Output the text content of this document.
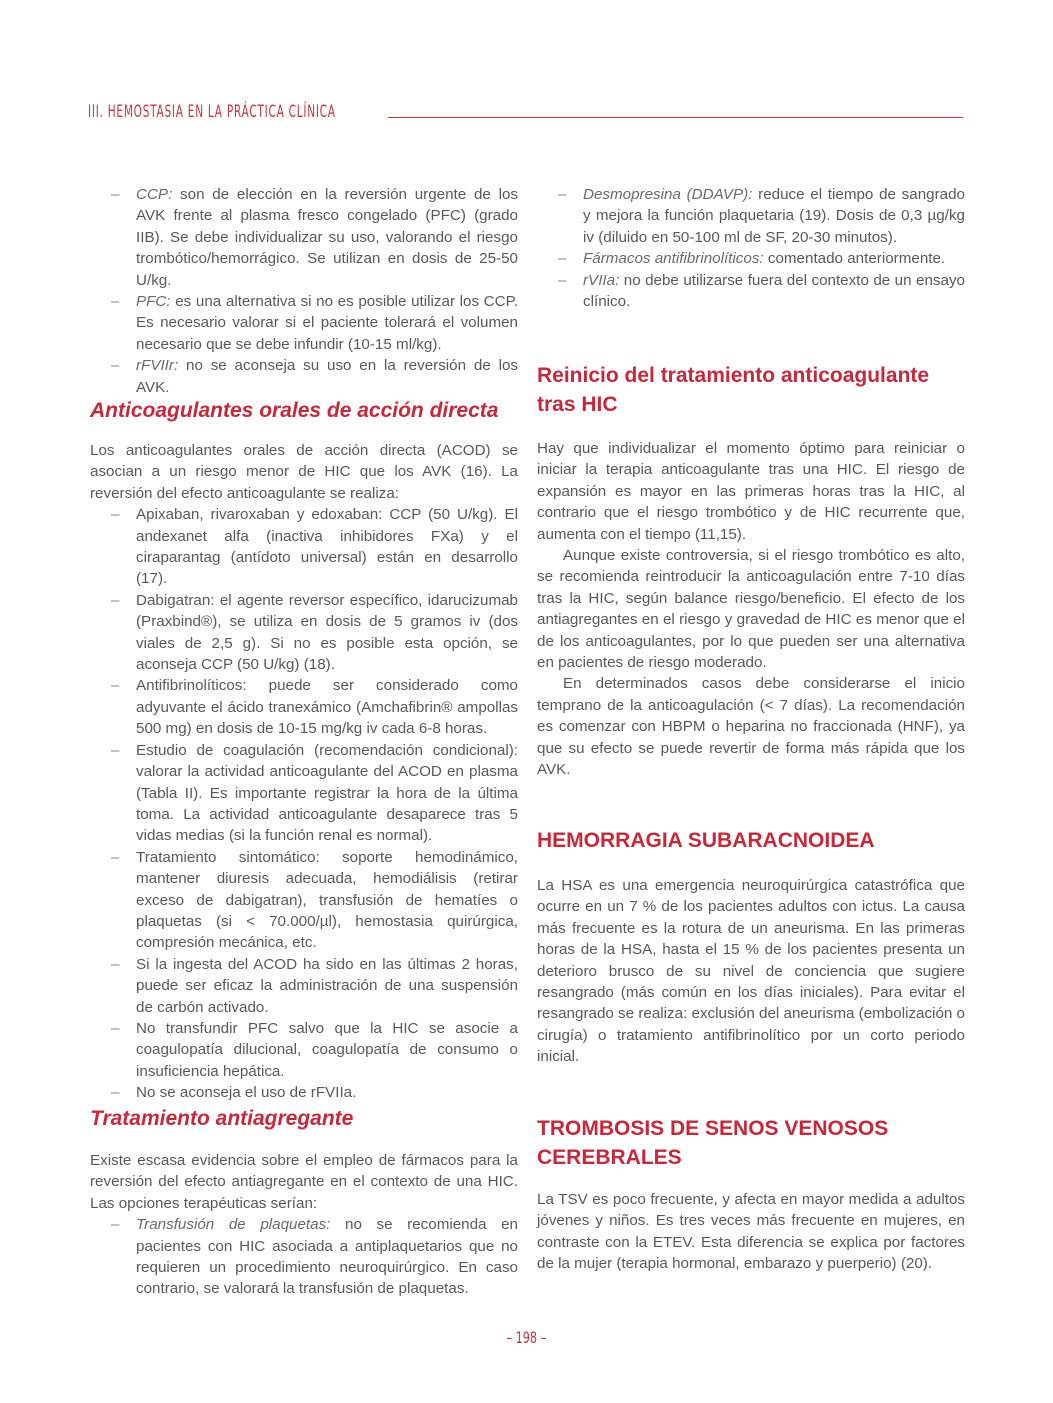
III. HEMOSTASIA EN LA PRÁCTICA CLÍNICA
– CCP: son de elección en la reversión urgente de los AVK frente al plasma fresco congelado (PFC) (grado IIB). Se debe individualizar su uso, valorando el riesgo trombótico/hemorrágico. Se utilizan en dosis de 25-50 U/kg.
– PFC: es una alternativa si no es posible utilizar los CCP. Es necesario valorar si el paciente tolerará el volumen necesario que se debe infundir (10-15 ml/kg).
– rFVIIr: no se aconseja su uso en la reversión de los AVK.
Anticoagulantes orales de acción directa

Los anticoagulantes orales de acción directa (ACOD) se asocian a un riesgo menor de HIC que los AVK (16). La reversión del efecto anticoagulante se realiza:

– Apixaban, rivaroxaban y edoxaban: CCP (50 U/kg). El andexanet alfa (inactiva inhibidores FXa) y el ciraparantag (antídoto universal) están en desarrollo (17).
– Dabigatran: el agente reversor específico, idarucizumab (Praxbind®), se utiliza en dosis de 5 gramos iv (dos viales de 2,5 g). Si no es posible esta opción, se aconseja CCP (50 U/kg) (18).
– Antifibrinolíticos: puede ser considerado como adyuvante el ácido tranexámico (Amchafibrin® ampollas 500 mg) en dosis de 10-15 mg/kg iv cada 6-8 horas.
– Estudio de coagulación (recomendación condicional): valorar la actividad anticoagulante del ACOD en plasma (Tabla II). Es importante registrar la hora de la última toma. La actividad anticoagulante desaparece tras 5 vidas medias (si la función renal es normal).
– Tratamiento sintomático: soporte hemodinámico, mantener diuresis adecuada, hemodiálisis (retirar exceso de dabigatran), transfusión de hematíes o plaquetas (si < 70.000/µl), hemostasia quirúrgica, compresión mecánica, etc.
– Si la ingesta del ACOD ha sido en las últimas 2 horas, puede ser eficaz la administración de una suspensión de carbón activado.
– No transfundir PFC salvo que la HIC se asocie a coagulopatía dilucional, coagulopatía de consumo o insuficiencia hepática.
– No se aconseja el uso de rFVIIa.
Tratamiento antiagregante

Existe escasa evidencia sobre el empleo de fármacos para la reversión del efecto antiagregante en el contexto de una HIC. Las opciones terapéuticas serían:

– Transfusión de plaquetas: no se recomienda en pacientes con HIC asociada a antiplaquetarios que no requieren un procedimiento neuroquirúrgico. En caso contrario, se valorará la transfusión de plaquetas.
– Desmopresina (DDAVP): reduce el tiempo de sangrado y mejora la función plaquetaria (19). Dosis de 0,3 µg/kg iv (diluido en 50-100 ml de SF, 20-30 minutos).
– Fármacos antifibrinolíticos: comentado anteriormente.
– rVIIa: no debe utilizarse fuera del contexto de un ensayo clínico.
Reinicio del tratamiento anticoagulante tras HIC

Hay que individualizar el momento óptimo para reiniciar o iniciar la terapia anticoagulante tras una HIC. El riesgo de expansión es mayor en las primeras horas tras la HIC, al contrario que el riesgo trombótico y de HIC recurrente que, aumenta con el tiempo (11,15).

Aunque existe controversia, si el riesgo trombótico es alto, se recomienda reintroducir la anticoagulación entre 7-10 días tras la HIC, según balance riesgo/beneficio. El efecto de los antiagregantes en el riesgo y gravedad de HIC es menor que el de los anticoagulantes, por lo que pueden ser una alternativa en pacientes de riesgo moderado.

En determinados casos debe considerarse el inicio temprano de la anticoagulación (< 7 días). La recomendación es comenzar con HBPM o heparina no fraccionada (HNF), ya que su efecto se puede revertir de forma más rápida que los AVK.

HEMORRAGIA SUBARACNOIDEA

La HSA es una emergencia neuroquirúrgica catastrófica que ocurre en un 7 % de los pacientes adultos con ictus. La causa más frecuente es la rotura de un aneurisma. En las primeras horas de la HSA, hasta el 15 % de los pacientes presenta un deterioro brusco de su nivel de conciencia que sugiere resangrado (más común en los días iniciales). Para evitar el resangrado se realiza: exclusión del aneurisma (embolización o cirugía) o tratamiento antifibrinolítico por un corto periodo inicial.

TROMBOSIS DE SENOS VENOSOS CEREBRALES

La TSV es poco frecuente, y afecta en mayor medida a adultos jóvenes y niños. Es tres veces más frecuente en mujeres, en contraste con la ETEV. Esta diferencia se explica por factores de la mujer (terapia hormonal, embarazo y puerperio) (20).

– 198 –
